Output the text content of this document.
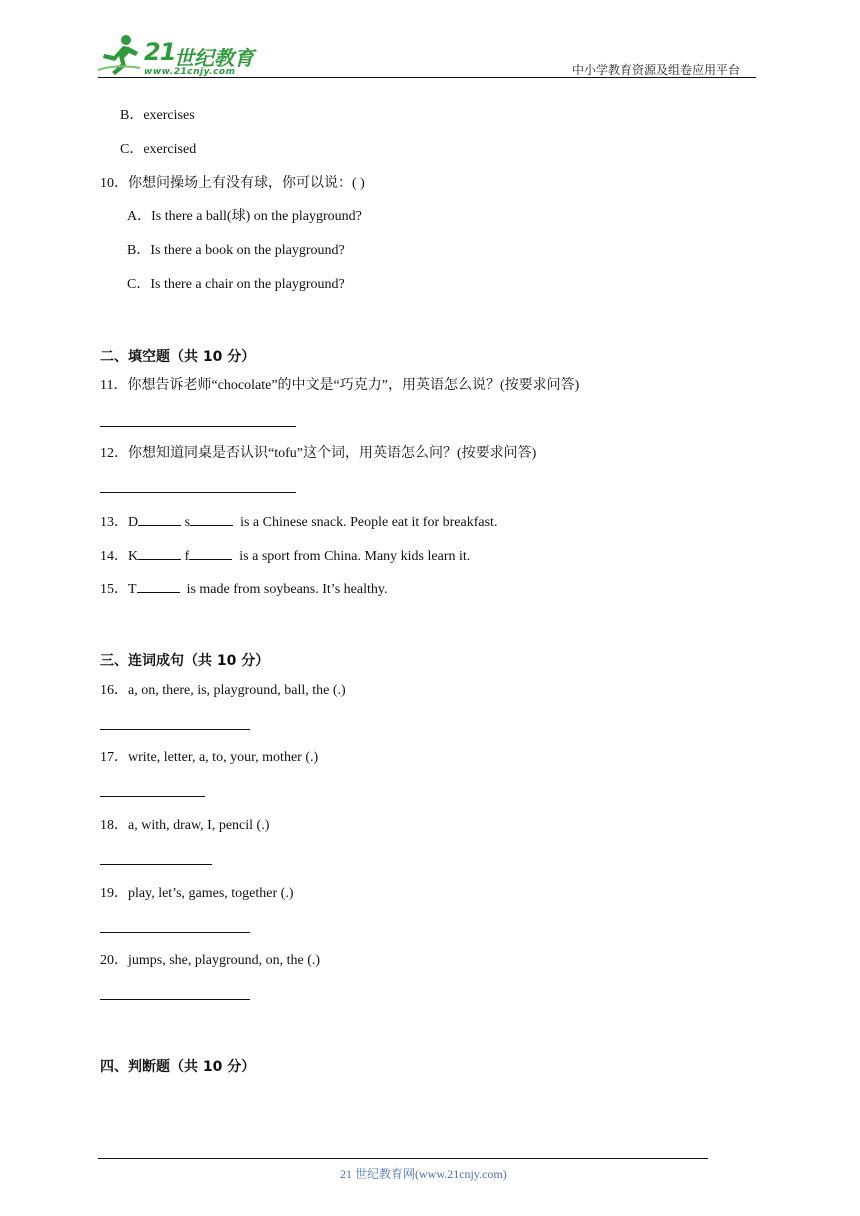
21
世纪教育
www.21cnjy.com	中小学教育资源及组卷应用平台
B．exercises
C．exercised
10．你想问操场上有没有球，你可以说：( )
A．Is there a ball(球) on the playground?
B．Is there a book on the playground?
C．Is there a chair on the playground?
二、填空题（共 10 分）
11．你想告诉老师“chocolate”的中文是“巧克力”，用英语怎么说？(按要求问答)
12．你想知道同桌是否认识“tofu”这个词，用英语怎么问？(按要求问答)
13．D	s	is a Chinese snack. People eat it for breakfast.
14．K	f	is a sport from China. Many kids learn it.
15．T	is made from soybeans. It’s healthy.
三、连词成句（共 10 分）
16．a, on, there, is, playground, ball, the (.)
17．write, letter, a, to, your, mother (.)
18．a, with, draw, I, pencil (.)
19．play, let’s, games, together (.)
20．jumps, she, playground, on, the (.)
四、判断题（共 10 分）
21 世纪教育网(www.21cnjy.com)
